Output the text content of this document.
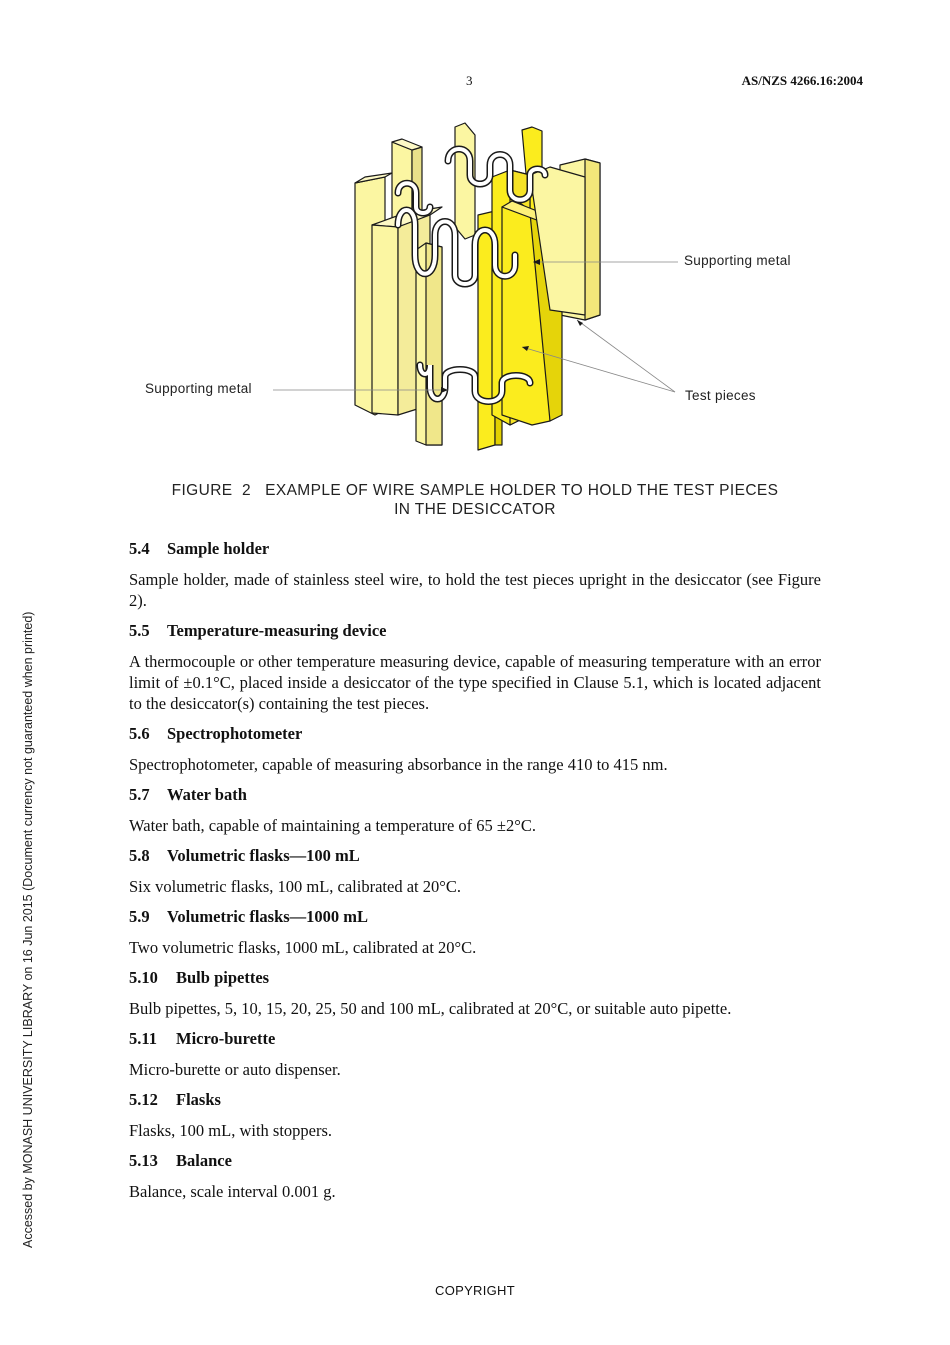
3	AS/NZS 4266.16:2004
Supporting metal
Supporting metal	Test pieces
FIGURE  2   EXAMPLE OF WIRE SAMPLE HOLDER TO HOLD THE TEST PIECES
IN THE DESICCATOR
5.4 Sample holder
Sample holder, made of stainless steel wire, to hold the test pieces upright in the desiccator (see Figure 2).
5.5 Temperature-measuring device
A thermocouple or other temperature measuring device, capable of measuring temperature with an error limit of ±0.1°C, placed inside a desiccator of the type specified in Clause 5.1, which is located adjacent to the desiccator(s) containing the test pieces.
5.6 Spectrophotometer
Spectrophotometer, capable of measuring absorbance in the range 410 to 415 nm.
5.7 Water bath
Water bath, capable of maintaining a temperature of 65 ±2°C.
5.8 Volumetric flasks—100 mL
Six volumetric flasks, 100 mL, calibrated at 20°C.
5.9 Volumetric flasks—1000 mL
Two volumetric flasks, 1000 mL, calibrated at 20°C.
5.10 Bulb pipettes
Bulb pipettes, 5, 10, 15, 20, 25, 50 and 100 mL, calibrated at 20°C, or suitable auto pipette.
5.11 Micro-burette
Micro-burette or auto dispenser.
5.12 Flasks
Flasks, 100 mL, with stoppers.
5.13 Balance
Balance, scale interval 0.001 g.
Accessed by MONASH UNIVERSITY LIBRARY on 16 Jun 2015 (Document currency not guaranteed when printed)
COPYRIGHT
